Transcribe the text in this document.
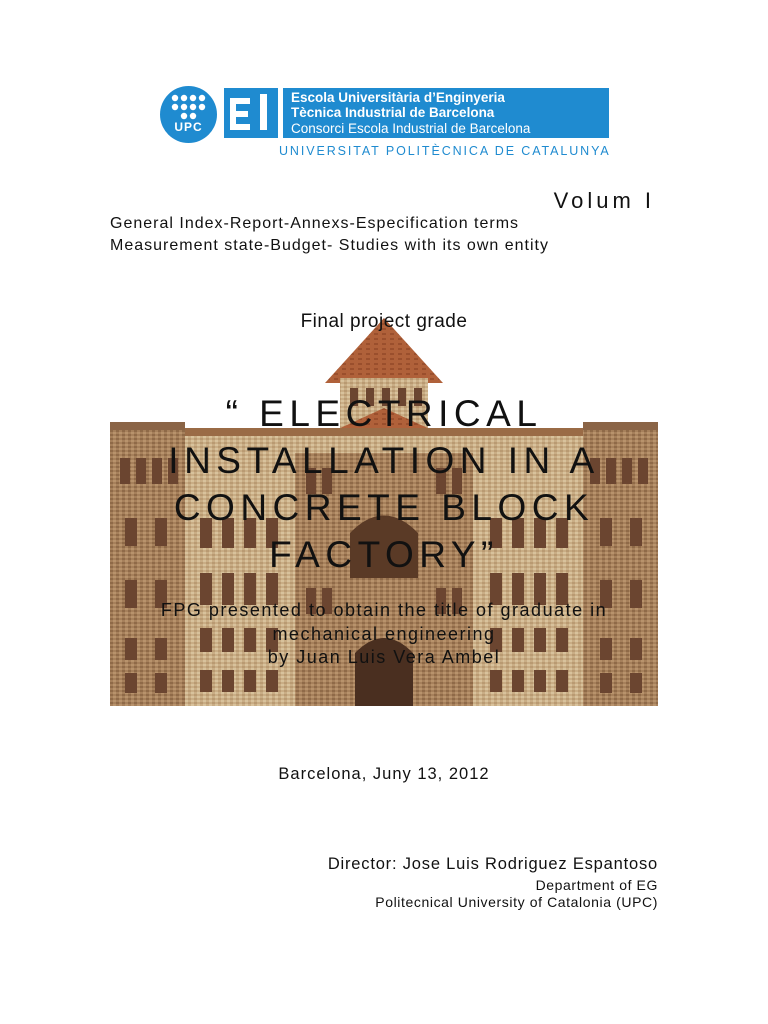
UPC
Escola Universitària d’Enginyeria
Tècnica Industrial de Barcelona
Consorci Escola Industrial de Barcelona
UNIVERSITAT POLITÈCNICA DE CATALUNYA
Volum I
General Index-Report-Annexs-Especification terms
Measurement state-Budget- Studies with its own entity
Final project grade
“ ELECTRICAL INSTALLATION IN A CONCRETE BLOCK FACTORY”
FPG presented to obtain the title of graduate in
mechanical engineering
by Juan Luis Vera Ambel
Barcelona, Juny 13, 2012
Director: Jose Luis Rodriguez Espantoso
Department of EG
Politecnical University of Catalonia (UPC)
